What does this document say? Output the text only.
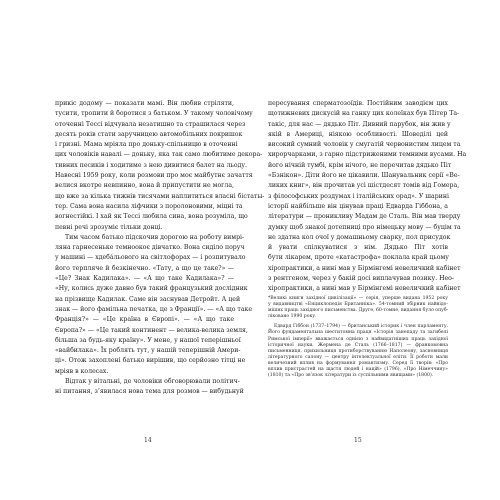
прикіс додому — показати мамі. Він любив стріляти,
тусити, тропити й боротися з батьком. У такому чоловічому
оточенні Тессі відчувала незатишно та страшилася через
десять років стати заручницею автомобільних покришок
і гризні. Мама мріяла про доньку-спільницю в оточенні
цих чоловіків навалі — доньку, яка так само любитиме декора-
тивних песиків і ходитиме з нею дивитися балет на льоду.
Навесні 1959 року, коли розмови про моє майбутнє зачаття
велися вкотре невпинно, вона й припустити не могла,
що вже за кілька тижнів тисячами наплититься власні бістаты-
тер. Сама вона насила ліфчики з поролоновими, міцні та
вогнестійкі. І хай як Тессі любила сина, вона розуміла, що
певні речі зрозуміє тільки донці.
Тим часом батько підскочив дорогою на роботу вимрі-
ляна гарнесеньке темноокоє дівчатко. Вона сиділо поруч
у машині — хдеба́льового на світлофорах — і розпитувало
його терпляче й безкінечно. «Тату, а що це таке?» —
«Це? Знак Кадилака». — «А що таке Кадилака»? —
«Ну, колись дуже давно був такий французький дослідник
на прізвище Кадилак. Саме він заснував Детройт. А цей
знак — його фамільна печатка, це з Франції». — «А що таке
Франція?» — «Це країна в Європі». — «А що таке
Європа?» — «Це такий континент — велика-велика земля,
більша за будь-яку країну». У мене, у нашої теперішньої
«вайбилака». Їх роблять тут, у нашій теперішній Амери-
ці». Отож захоплені батько вирішив, що серйозно тітці не
мріяв в колесах.
Відтак у вітальні, де чоловіки обговорювали політич-
ні питання, з’явилася нова тема для розмов — вибудьнуй
14
пересування сперматозоїдів. Постійним заводієм цих
щотижневих дискусій на ганку цих колеїках був Пітер Та-
такіс, для нас — дядько Піт. Дивний парубок, він жив у
якій в Америці, ніякою особливості. Шоведілі цей
високий сумний чоловік у смугатій червонистим лицем та
хирорчарками, з гарно підстриженими темними вусами. На
його нічній тумбі, крім нічого, не перечитав дядько Піт
«Бзнікон». Діти його не цікавили. Шанувальник серії «Ве-
ликих книг», він прочитав усі шістдесят томів від Гомера,
з філософських роздумах і італійських орад». У шарині
історії найбільше він цінував праці Едварда Гіббона, а
літератури — проникливу Мадам де Сталь. Він мав тверду
думку щоб знакої дотепниці про німецьку мову — буцім та
не здатна кол очої у домашньому сварку, пол присудок
й увати спілкуватися з нім. Дядько Піт хотів
бути лікарем, проте «катастрофа» поклала край цьому
хіропрактики, а нині мав у Бірмінгемі невеличкий кабінет
з рентгеном, через у бакій досі виплачував позику. Нео-
хіропрактики, а нині мав у Бірмінгемі невеличкий кабінет
*Великі книги західної цивілізації» — серія, уперше видана 1952 року
у видавництві «Енциклопедія Британніка». 54-томний збірник найвідо-
міших праць західного письменства. Друге, 60-томне, видання було опуб-
ліковано 1990 року.
Едвард Гіббон (1737–1794) — британський історик і член парламенту.
Його фундаментальна шеститомна праця «Історія занепаду та загибелі
Римської імперії» вважається однією з найвидатніших праць західної
історичної науки. Жермена де Сталь (1766–1817) — франкомовна
письменниця, прихильниця протиборствуванню Наполеону, засновниця
літературного салону — центру інтелектуальної еліти. Її роботи мали
величезний вплив на формування романтизму. Серед її творів: «Про
вплив пристрастей на щастя людей і націй» (1796), «Про Німеччину»
(1810) та «Про зв’язок літератури із суспільними явищами» (1800).
15
